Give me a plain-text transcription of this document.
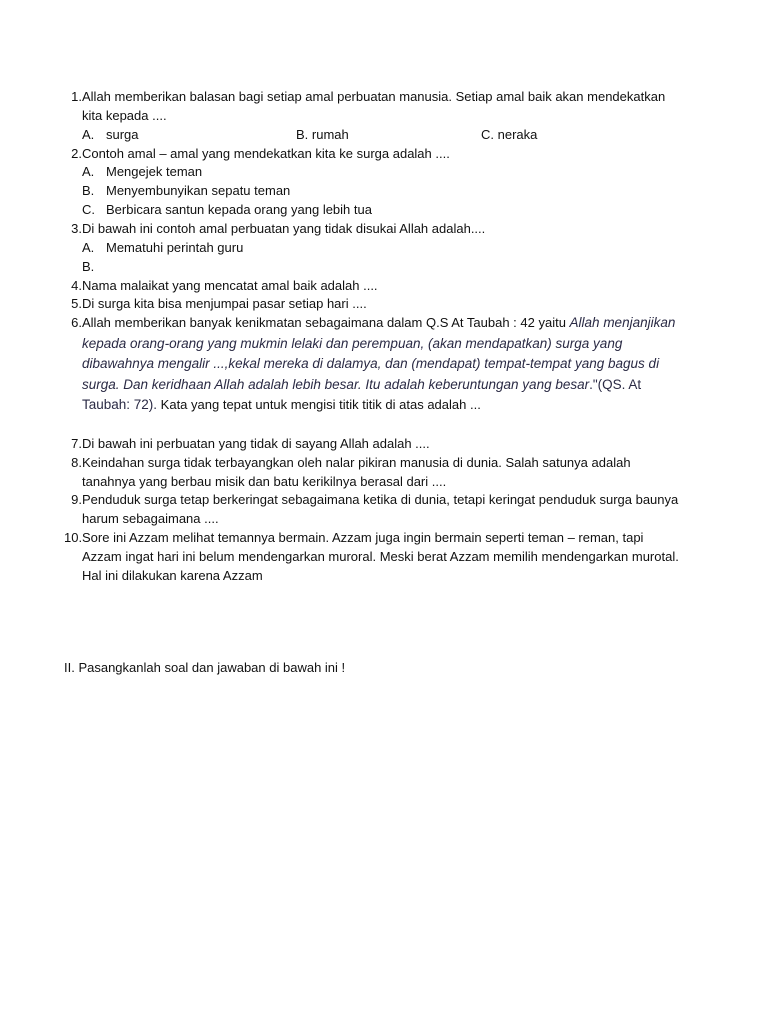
1. Allah memberikan balasan bagi setiap amal perbuatan manusia. Setiap amal baik akan mendekatkan kita kepada ....
A. surga	B. rumah	C. neraka
2. Contoh amal – amal yang mendekatkan kita ke surga adalah ....
A. Mengejek teman
B. Menyembunyikan sepatu teman
C. Berbicara santun kepada orang yang lebih tua
3. Di bawah ini contoh amal perbuatan yang tidak disukai Allah adalah....
A. Mematuhi perintah guru
B.
4. Nama malaikat yang mencatat amal baik adalah ....
5. Di surga kita bisa menjumpai pasar setiap hari ....
6. Allah memberikan banyak kenikmatan sebagaimana dalam Q.S At Taubah : 42 yaitu Allah menjanjikan kepada orang-orang yang mukmin lelaki dan perempuan, (akan mendapatkan) surga yang dibawahnya mengalir ...,kekal mereka di dalamya, dan (mendapat) tempat-tempat yang bagus di surga. Dan keridhaan Allah adalah lebih besar. Itu adalah keberuntungan yang besar."(QS. At Taubah: 72). Kata yang tepat untuk mengisi titik titik di atas adalah ...
7. Di bawah ini perbuatan yang tidak di sayang Allah adalah ....
8. Keindahan surga tidak terbayangkan oleh nalar pikiran manusia di dunia. Salah satunya adalah tanahnya yang berbau misik dan batu kerikilnya berasal dari ....
9. Penduduk surga tetap berkeringat sebagaimana ketika di dunia, tetapi keringat penduduk surga baunya harum sebagaimana ....
10. Sore ini Azzam melihat temannya bermain. Azzam juga ingin bermain seperti teman – reman, tapi Azzam ingat hari ini belum mendengarkan muroral. Meski berat Azzam memilih mendengarkan murotal. Hal ini dilakukan karena Azzam
II. Pasangkanlah soal dan jawaban di bawah ini !
